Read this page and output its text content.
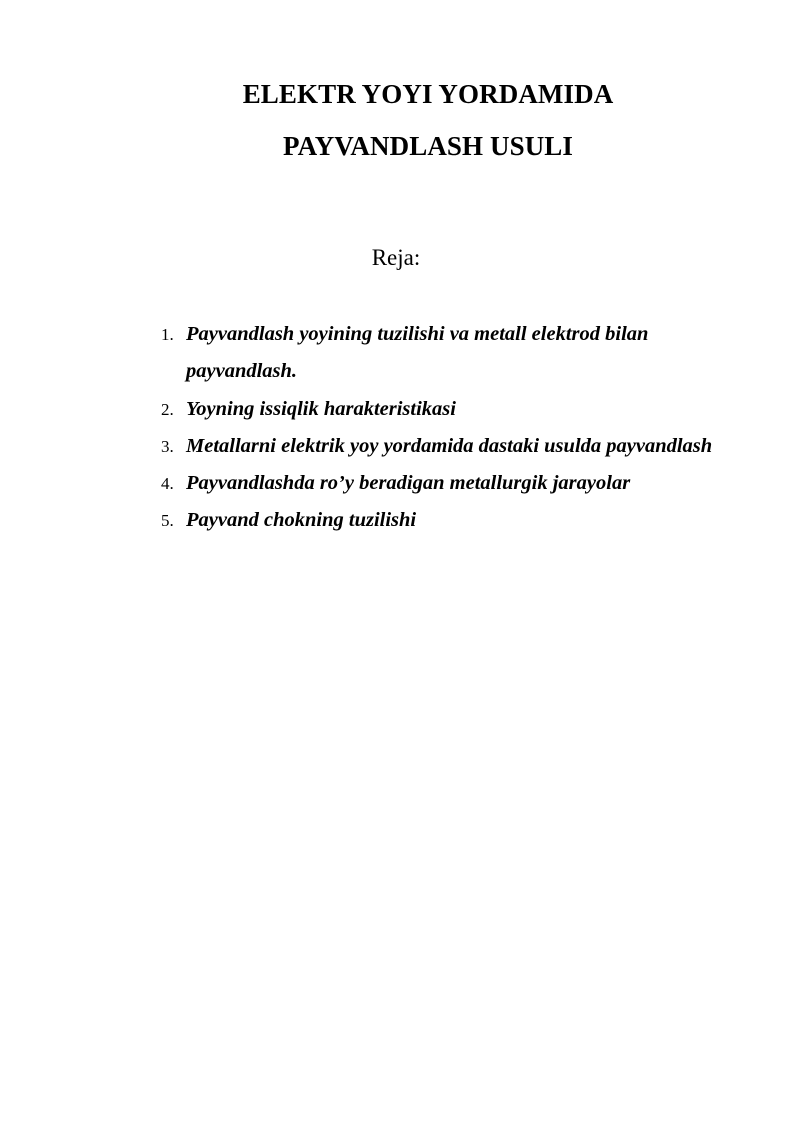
ELEKTR YOYI YORDAMIDA
PAYVANDLASH USULI
Reja:
1. Payvandlash yoyining tuzilishi va metall elektrod bilan payvandlash.
2. Yoyning issiqlik harakteristikasi
3. Metallarni elektrik yoy yordamida dastaki usulda payvandlash
4. Payvandlashda ro’y beradigan metallurgik jarayolar
5. Payvand chokning tuzilishi
